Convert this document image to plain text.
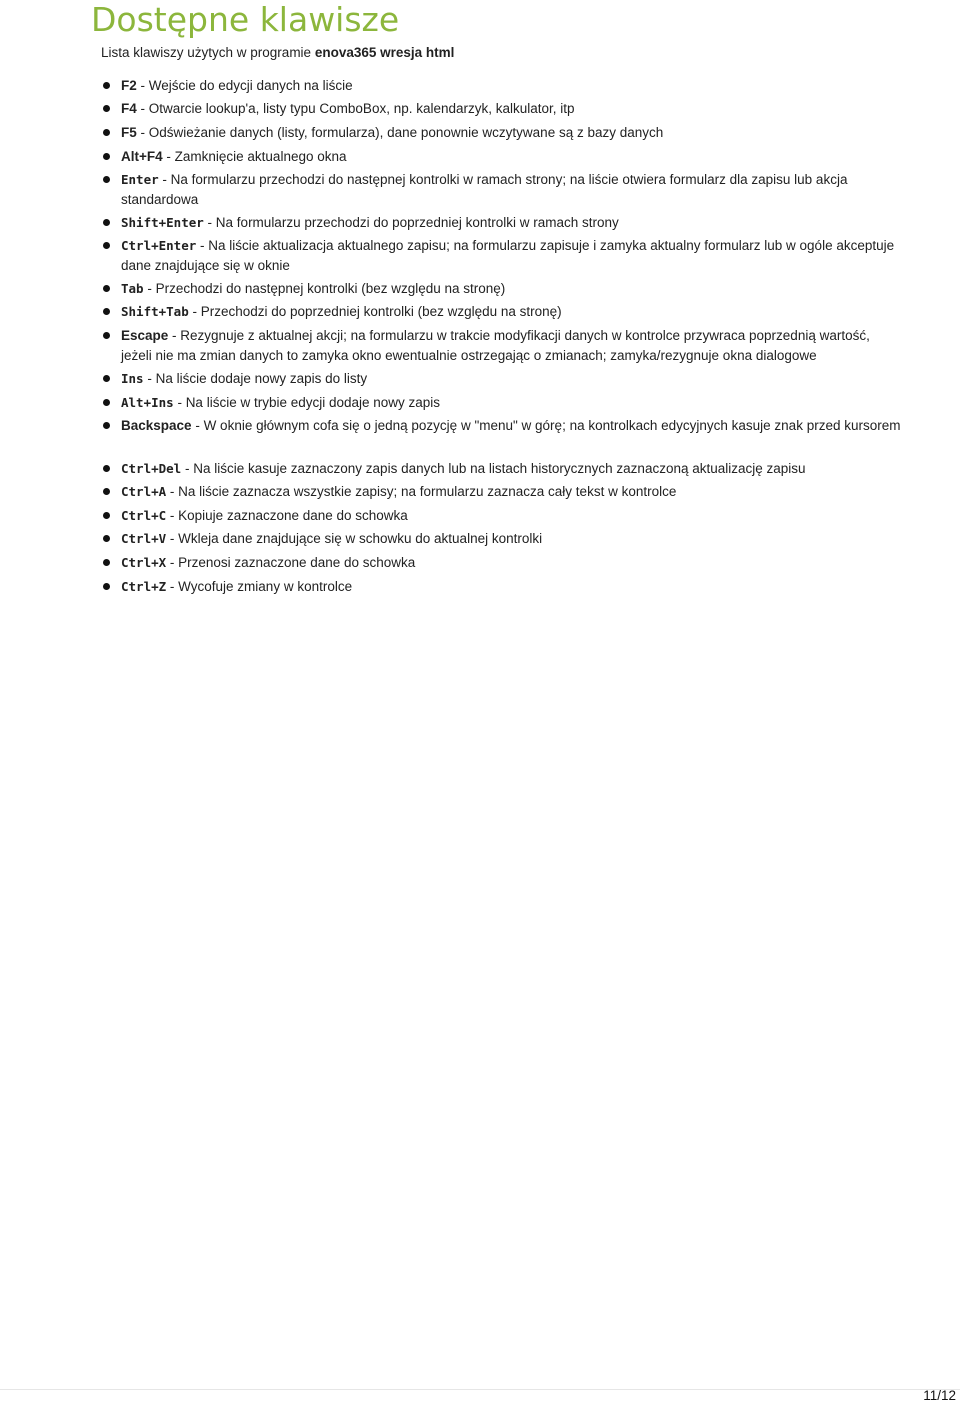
Dostępne klawisze
Lista klawiszy użytych w programie enova365 wresja html
F2 - Wejście do edycji danych na liście
F4 - Otwarcie lookup'a, listy typu ComboBox, np. kalendarzyk, kalkulator, itp
F5 - Odświeżanie danych (listy, formularza), dane ponownie wczytywane są z bazy danych
Alt+F4 - Zamknięcie aktualnego okna
Enter - Na formularzu przechodzi do następnej kontrolki w ramach strony; na liście otwiera formularz dla zapisu lub akcja standardowa
Shift+Enter - Na formularzu przechodzi do poprzedniej kontrolki w ramach strony
Ctrl+Enter - Na liście aktualizacja aktualnego zapisu; na formularzu zapisuje i zamyka aktualny formularz lub w ogóle akceptuje dane znajdujące się w oknie
Tab - Przechodzi do następnej kontrolki (bez względu na stronę)
Shift+Tab - Przechodzi do poprzedniej kontrolki (bez względu na stronę)
Escape - Rezygnuje z aktualnej akcji; na formularzu w trakcie modyfikacji danych w kontrolce przywraca poprzednią wartość, jeżeli nie ma zmian danych to zamyka okno ewentualnie ostrzegając o zmianach; zamyka/rezygnuje okna dialogowe
Ins - Na liście dodaje nowy zapis do listy
Alt+Ins - Na liście w trybie edycji dodaje nowy zapis
Backspace - W oknie głównym cofa się o jedną pozycję w "menu" w górę; na kontrolkach edycyjnych kasuje znak przed kursorem
Ctrl+Del - Na liście kasuje zaznaczony zapis danych lub na listach historycznych zaznaczoną aktualizację zapisu
Ctrl+A - Na liście zaznacza wszystkie zapisy; na formularzu zaznacza cały tekst w kontrolce
Ctrl+C - Kopiuje zaznaczone dane do schowka
Ctrl+V - Wkleja dane znajdujące się w schowku do aktualnej kontrolki
Ctrl+X - Przenosi zaznaczone dane do schowka
Ctrl+Z - Wycofuje zmiany w kontrolce
11/12
